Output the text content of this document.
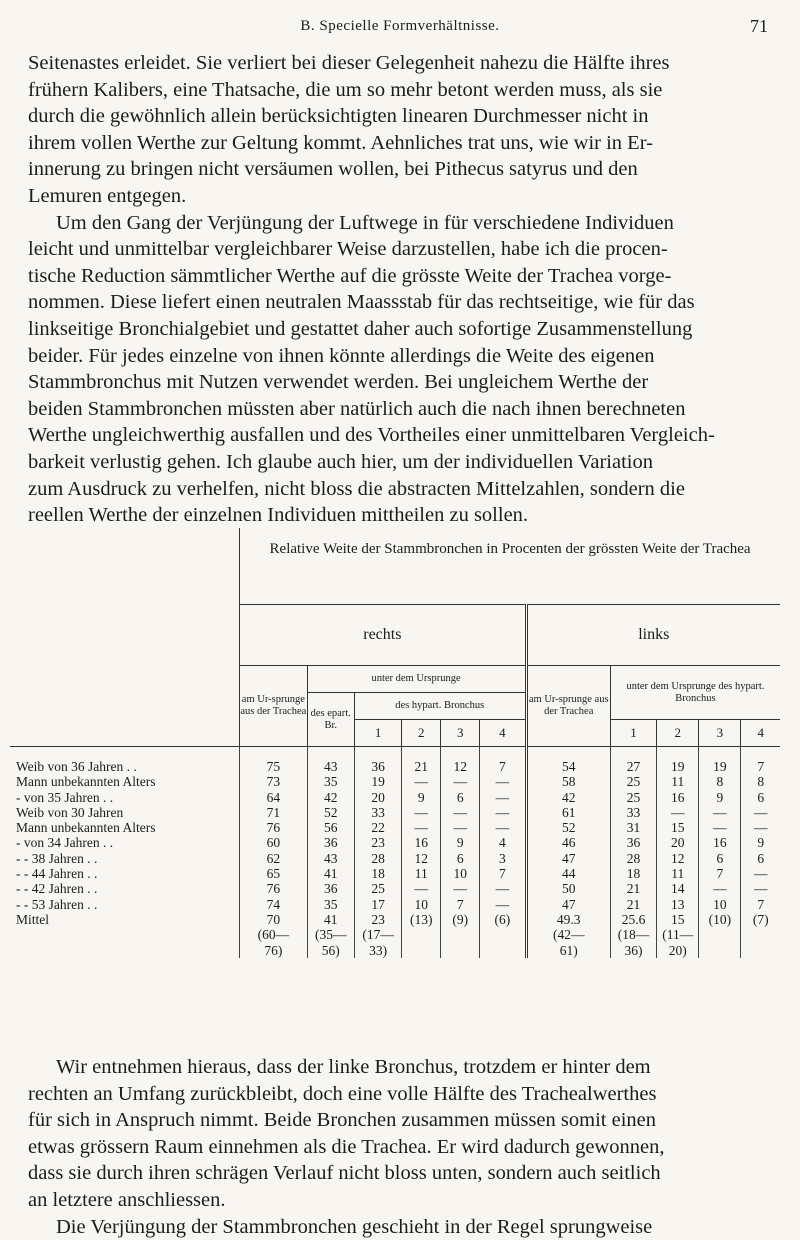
B. Specielle Formverhältnisse.	71
Seitenastes erleidet. Sie verliert bei dieser Gelegenheit nahezu die Hälfte ihres
frühern Kalibers, eine Thatsache, die um so mehr betont werden muss, als sie
durch die gewöhnlich allein berücksichtigten linearen Durchmesser nicht in
ihrem vollen Werthe zur Geltung kommt. Aehnliches trat uns, wie wir in Er-
innerung zu bringen nicht versäumen wollen, bei Pithecus satyrus und den
Lemuren entgegen.
Um den Gang der Verjüngung der Luftwege in für verschiedene Individuen
leicht und unmittelbar vergleichbarer Weise darzustellen, habe ich die procen-
tische Reduction sämmtlicher Werthe auf die grösste Weite der Trachea vorge-
nommen. Diese liefert einen neutralen Maassstab für das rechtseitige, wie für das
linkseitige Bronchialgebiet und gestattet daher auch sofortige Zusammenstellung
beider. Für jedes einzelne von ihnen könnte allerdings die Weite des eigenen
Stammbronchus mit Nutzen verwendet werden. Bei ungleichem Werthe der
beiden Stammbronchen müssten aber natürlich auch die nach ihnen berechneten
Werthe ungleichwerthig ausfallen und des Vortheiles einer unmittelbaren Vergleich-
barkeit verlustig gehen. Ich glaube auch hier, um der individuellen Variation
zum Ausdruck zu verhelfen, nicht bloss die abstracten Mittelzahlen, sondern die
reellen Werthe der einzelnen Individuen mittheilen zu sollen.
	Relative Weite der Stammbronchen in Procenten der grössten Weite der Trachea										
	rechts						links				
	am Ur-sprunge aus der Trachea	unter dem Ursprunge					am Ur-sprunge aus der Trachea	unter dem Ursprunge des hypart. Bronchus			
		des epart. Br.	des hypart. Bronchus								
			1	2	3	4		1	2	3	4

Weib von 36 Jahren . .	75	43	36	21	12	7	54	27	19	19	7
Mann unbekannten Alters	73	35	19	—	—	—	58	25	11	8	8
- von 35 Jahren . .	64	42	20	9	6	—	42	25	16	9	6
Weib von 30 Jahren	71	52	33	—	—	—	61	33	—	—	—
Mann unbekannten Alters	76	56	22	—	—	—	52	31	15	—	—
- von 34 Jahren . .	60	36	23	16	9	4	46	36	20	16	9
- - 38 Jahren . .	62	43	28	12	6	3	47	28	12	6	6
- - 44 Jahren . .	65	41	18	11	10	7	44	18	11	7	—
- - 42 Jahren . .	76	36	25	—	—	—	50	21	14	—	—
- - 53 Jahren . .	74	35	17	10	7	—	47	21	13	10	7
Mittel	70	41	23	(13)	(9)	(6)	49.3	25.6	15	(10)	(7)
	(60—	(35—	(17—				(42—	(18—	(11—		
	76)	56)	33)				61)	36)	20)		
Wir entnehmen hieraus, dass der linke Bronchus, trotzdem er hinter dem
rechten an Umfang zurückbleibt, doch eine volle Hälfte des Trachealwerthes
für sich in Anspruch nimmt. Beide Bronchen zusammen müssen somit einen
etwas grössern Raum einnehmen als die Trachea. Er wird dadurch gewonnen,
dass sie durch ihren schrägen Verlauf nicht bloss unten, sondern auch seitlich
an letztere anschliessen.
Die Verjüngung der Stammbronchen geschieht in der Regel sprungweise
